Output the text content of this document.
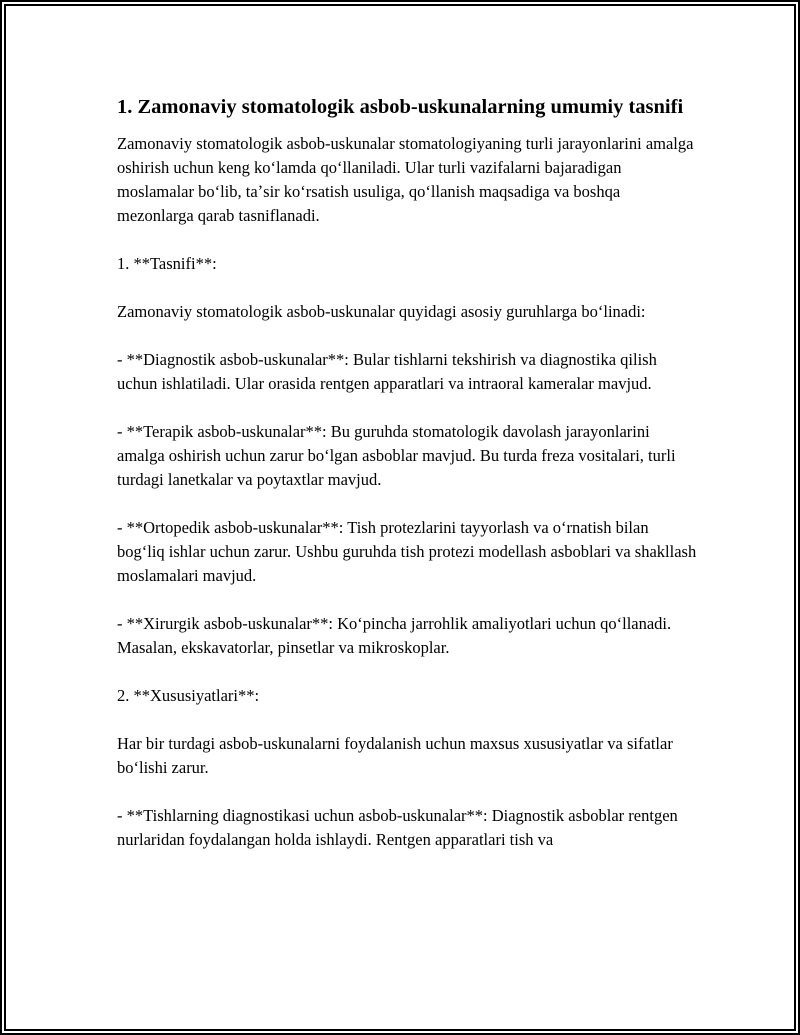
1. Zamonaviy stomatologik asbob-uskunalarning umumiy tasnifi

Zamonaviy stomatologik asbob-uskunalar stomatologiyaning turli jarayonlarini amalga oshirish uchun keng koʻlamda qoʻllaniladi. Ular turli vazifalarni bajaradigan moslamalar boʻlib, taʼsir koʻrsatish usuliga, qoʻllanish maqsadiga va boshqa mezonlarga qarab tasniflanadi.

1. **Tasnifi**:

Zamonaviy stomatologik asbob-uskunalar quyidagi asosiy guruhlarga boʻlinadi:

- **Diagnostik asbob-uskunalar**: Bular tishlarni tekshirish va diagnostika qilish uchun ishlatiladi. Ular orasida rentgen apparatlari va intraoral kameralar mavjud.

- **Terapik asbob-uskunalar**: Bu guruhda stomatologik davolash jarayonlarini amalga oshirish uchun zarur boʻlgan asboblar mavjud. Bu turda freza vositalari, turli turdagi lanetkalar va poytaxtlar mavjud.

- **Ortopedik asbob-uskunalar**: Tish protezlarini tayyorlash va oʻrnatish bilan bogʻliq ishlar uchun zarur. Ushbu guruhda tish protezi modellash asboblari va shakllash moslamalari mavjud.

- **Xirurgik asbob-uskunalar**: Koʻpincha jarrohlik amaliyotlari uchun qoʻllanadi. Masalan, ekskavatorlar, pinsetlar va mikroskoplar.

2. **Xususiyatlari**:

Har bir turdagi asbob-uskunalarni foydalanish uchun maxsus xususiyatlar va sifatlar boʻlishi zarur.

- **Tishlarning diagnostikasi uchun asbob-uskunalar**: Diagnostik asboblar rentgen nurlaridan foydalangan holda ishlaydi. Rentgen apparatlari tish va
